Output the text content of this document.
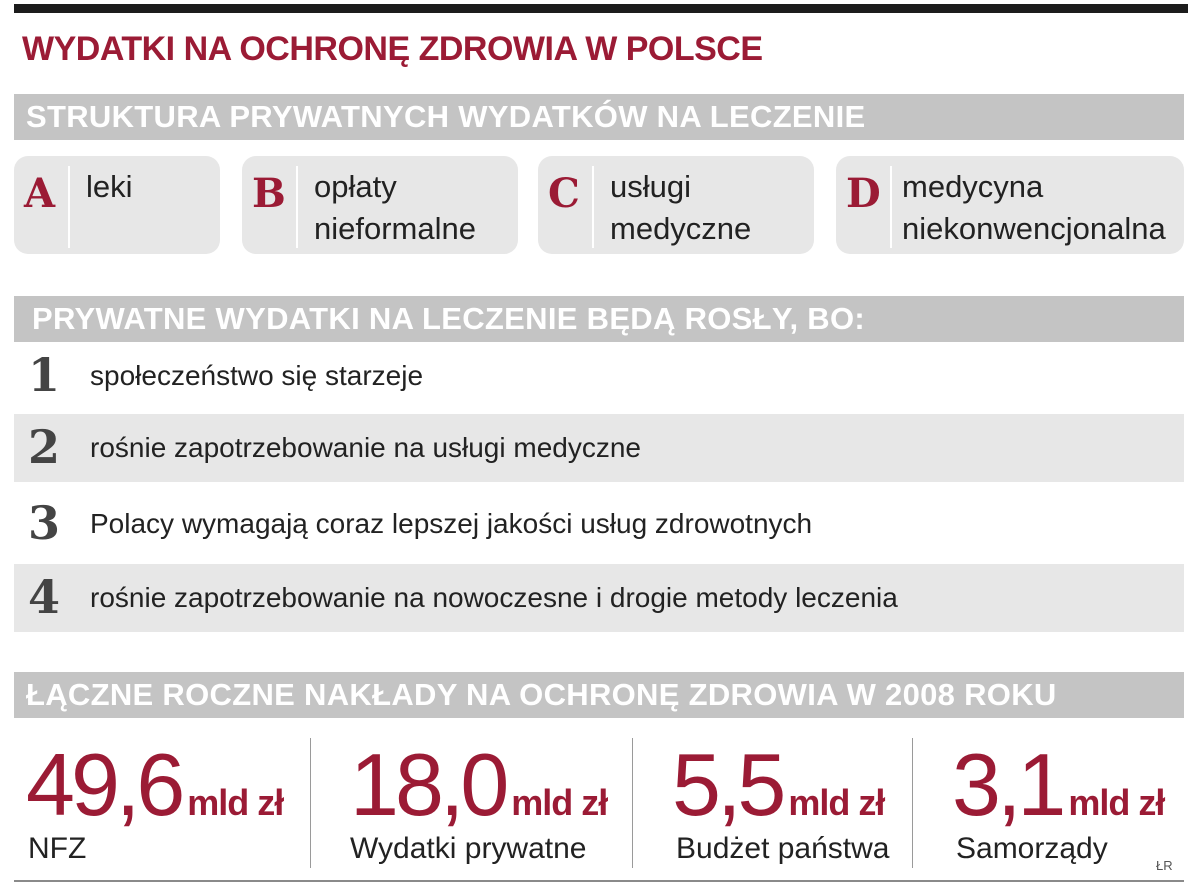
WYDATKI NA OCHRONĘ ZDROWIA W POLSCE
STRUKTURA PRYWATNYCH WYDATKÓW NA LECZENIE
A leki	B opłaty
nieformalne
C usługi
medyczne
D medycyna
niekonwencjonalna
PRYWATNE WYDATKI NA LECZENIE BĘDĄ ROSŁY, BO:
1 społeczeństwo się starzeje
2 rośnie zapotrzebowanie na usługi medyczne
3 Polacy wymagają coraz lepszej jakości usług zdrowotnych
4 rośnie zapotrzebowanie na nowoczesne i drogie metody leczenia
ŁĄCZNE ROCZNE NAKŁADY NA OCHRONĘ ZDROWIA W 2008 ROKU
49,6 mld zł
NFZ
18,0 mld zł
Wydatki prywatne
5,5 mld zł
Budżet państwa
3,1 mld zł
Samorządy
ŁR
